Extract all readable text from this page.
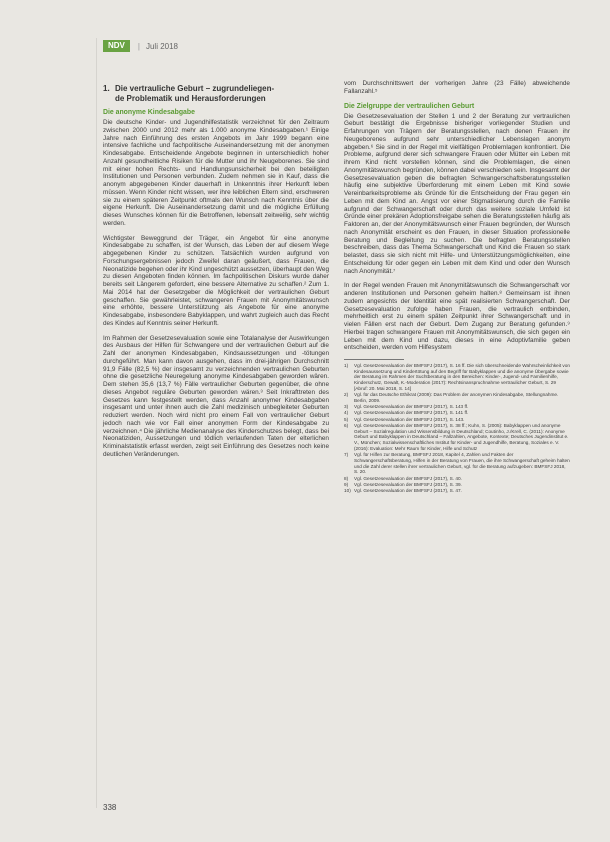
NDV	| Juli 2018
1. Die vertrauliche Geburt – zugrundeliegen-
de Problematik und Herausforderungen
Die anonyme Kindesabgabe

Die deutsche Kinder- und Jugendhilfestatistik verzeichnet für den Zeitraum zwischen 2000 und 2012 mehr als 1.000 anonyme Kindesabgaben.¹ Einige Jahre nach Einführung des ersten Angebots im Jahr 1999 begann eine intensive fachliche und fachpolitische Auseinandersetzung mit der anonymen Kindesabgabe. Entscheidende Angebote beginnen in unterschiedlich hoher Anzahl gesundheitliche Risiken für die Mutter und ihr Neugeborenes. Sie sind mit einer hohen Rechts- und Handlungsunsicherheit bei den beteiligten Institutionen und Personen verbunden. Zudem nehmen sie in Kauf, dass die anonym abgegebenen Kinder dauerhaft in Unkenntnis ihrer Herkunft leben müssen. Wenn Kinder nicht wissen, wer ihre leiblichen Eltern sind, erschweren sie zu einem späteren Zeitpunkt oftmals den Wunsch nach Kenntnis über die eigene Herkunft. Die Auseinandersetzung damit und die mögliche Erfüllung dieses Wunsches können für die Betroffenen, lebensalt zeitweilig, sehr wichtig werden.

Wichtigster Beweggrund der Träger, ein Angebot für eine anonyme Kindesabgabe zu schaffen, ist der Wunsch, das Leben der auf diesem Wege abgegebenen Kinder zu schützen. Tatsächlich wurden aufgrund von Forschungsergebnissen jedoch Zweifel daran geäußert, dass Frauen, die Neonatizide begehen oder ihr Kind ungeschützt aussetzen, überhaupt den Weg zu diesen Angeboten finden können. Im fachpolitischen Diskurs wurde daher bereits seit Längerem gefordert, eine bessere Alternative zu schaffen.² Zum 1. Mai 2014 hat der Gesetzgeber die Möglichkeit der vertraulichen Geburt geschaffen. Sie gewährleistet, schwangeren Frauen mit Anonymitätswunsch eine erhöhte, bessere Unterstützung als Angebote für eine anonyme Kindesabgabe, insbesondere Babyklappen, und wahrt zugleich auch das Recht des Kindes auf Kenntnis seiner Herkunft.

Im Rahmen der Gesetzesevaluation sowie eine Totalanalyse der Auswirkungen des Ausbaus der Hilfen für Schwangere und der vertraulichen Geburt auf die Zahl der anonymen Kindesabgaben, Kindsaussetzungen und -tötungen durchgeführt. Man kann davon ausgehen, dass im drei-jährigen Durchschnitt 91,9 Fälle (82,5 %) der insgesamt zu verzeichnenden vertraulichen Geburten ohne die gesetzliche Neuregelung anonyme Kindesabgaben geworden wären. Dem stehen 35,6 (13,7 %) Fälle vertraulicher Geburten gegenüber, die ohne dieses Angebot reguläre Geburten geworden wären.³ Seit Inkrafttreten des Gesetzes kann festgestellt werden, dass Anzahl anonymer Kindesabgaben insgesamt und unter ihnen auch die Zahl medizinisch unbegleiteter Geburten reduziert werden. Noch wird nicht pro einem Fall von vertraulicher Geburt jedoch nach wie vor Fall einer anonymen Form der Kindesabgabe zu verzeichnen.⁴ Die jährliche Medienanalyse des Kinderschutzes belegt, dass bei Neonatiziden, Aussetzungen und tödlich verlaufenden Taten der elterlichen Kriminalstatistik erfasst werden, zeigt seit Einführung des Gesetzes noch keine deutlichen Veränderungen.

vom Durchschnittswert der vorherigen Jahre (23 Fälle) abweichende Fallanzahl.⁵

Die Zielgruppe der vertraulichen Geburt

Die Gesetzesevaluation der Stellen 1 und 2 der Beratung zur vertraulichen Geburt bestätigt die Ergebnisse bisheriger vorliegender Studien und Erfahrungen von Trägern der Beratungsstellen, nach denen Frauen ihr Neugeborenes aufgrund sehr unterschiedlicher Lebenslagen anonym abgeben.⁶ Sie sind in der Regel mit vielfältigen Problemlagen konfrontiert. Die Probleme, aufgrund derer sich schwangere Frauen oder Mütter ein Leben mit ihrem Kind nicht vorstellen können, sind die Problemlagen, die einen Anonymitätswunsch begründen, können dabei verschieden sein. Insgesamt der Gesetzesevaluation geben die befragten Schwangerschaftsberatungsstellen häufig eine subjektive Überforderung mit einem Leben mit Kind sowie Vereinbarkeitsprobleme als Gründe für die Entscheidung der Frau gegen ein Leben mit dem Kind an. Angst vor einer Stigmatisierung durch die Familie aufgrund der Schwangerschaft oder durch das weitere soziale Umfeld ist Gründe einer prekären Adoptionsfreigabe sehen die Beratungsstellen häufig als Faktoren an, der der Anonymitätswunsch einer Frauen begründen, der Wunsch nach Anonymität erscheint es den Frauen, in dieser Situation professionelle Beratung und Begleitung zu suchen. Die befragten Beratungsstellen beschreiben, dass das Thema Schwangerschaft und Kind die Frauen so stark belastet, dass sie sich nicht mit Hilfe- und Unterstützungsmöglichkeiten, eine Entscheidung für oder gegen ein Leben mit dem Kind und oder den Wunsch nach Anonymität.⁷

In der Regel wenden Frauen mit Anonymitätswunsch die Schwangerschaft vor anderen Institutionen und Personen geheim halten.⁸ Gemeinsam ist ihnen zudem angesichts der Identität eine spät realisierten Schwangerschaft. Der Gesetzesevaluation zufolge haben Frauen, die vertraulich entbinden, mehrheitlich erst zu einem späten Zeitpunkt ihrer Schwangerschaft und in vielen Fällen erst nach der Geburt. Dem Zugang zur Beratung gefunden.⁹ Hierbei tragen schwangere Frauen mit Anonymitätswunsch, die sich gegen ein Leben mit dem Kind und dazu, dieses in eine Adoptivfamilie geben entscheiden, werden vom Hilfesystem

1)	Vgl. Gesetzesevaluation der BMFSFJ (2017), S. 16 ff. Die sich überschneidende Wahrscheinlichkeit von Kindesaussetzung und Kindertötung auf den Begriff für Babyklappen und die anonyme Übergabe sowie der Beratung im Rahmen der Suchtberatung in den Bereichen: Kinder-, Jugend- und Familienhilfe, Kinderschutz, Gewalt, K.-Moderation (2017): Rechtsinanspruchnahme vertraulicher Geburt, S. 29 [Abruf: 20. Mai 2018, S. 14]
2)	Vgl. für das Deutsche Ethikrat (2009): Das Problem der anonymen Kindesabgabe, Stellungnahme. Berlin, 2009.
3)	Vgl. Gesetzesevaluation der BMFSFJ (2017), S. 143 ff.
4)	Vgl. Gesetzesevaluation der BMFSFJ (2017), S. 141 ff.
5)	Vgl. Gesetzesevaluation der BMFSFJ (2017), S. 143.
6)	Vgl. Gesetzesevaluation der BMFSFJ (2017), S. 38 ff.; Kuhn, S. (2005): Babyklappen und anonyme Geburt – Sozialregulation und Wissensbildung in Deutschland; Coutinho, J./Krell, C. (2011): Anonyme Geburt und Babyklappen in Deutschland – Fallzahlen, Angebote, Kontexte; Deutsches Jugendinstitut e. V., München; Sozialwissenschaftliches Institut für Kinder- und Jugendhilfe, Beratung, Soziales e. V. (2016): Evaluation: Mehr Raum für Kinder, Hilfe und Schutz
7)	Vgl. für Hilfen zur Beratung, BMFSFJ 2018, Kapitel 4, Zahlen und Fakten der Schwangerschaftsberatung, Hilfen in der Beratung von Frauen, die ihre Schwangerschaft geheim halten und die Zahl derer stellen ihrer vertraulichen Geburt, vgl. für die Beratung aufzugeben: BMFSFJ 2018, S. 20.
8)	Vgl. Gesetzesevaluation der BMFSFJ (2017), S. 40.
9)	Vgl. Gesetzesevaluation der BMFSFJ (2017), S. 39.
10) Vgl. Gesetzesevaluation der BMFSFJ (2017), S. 47.
338
